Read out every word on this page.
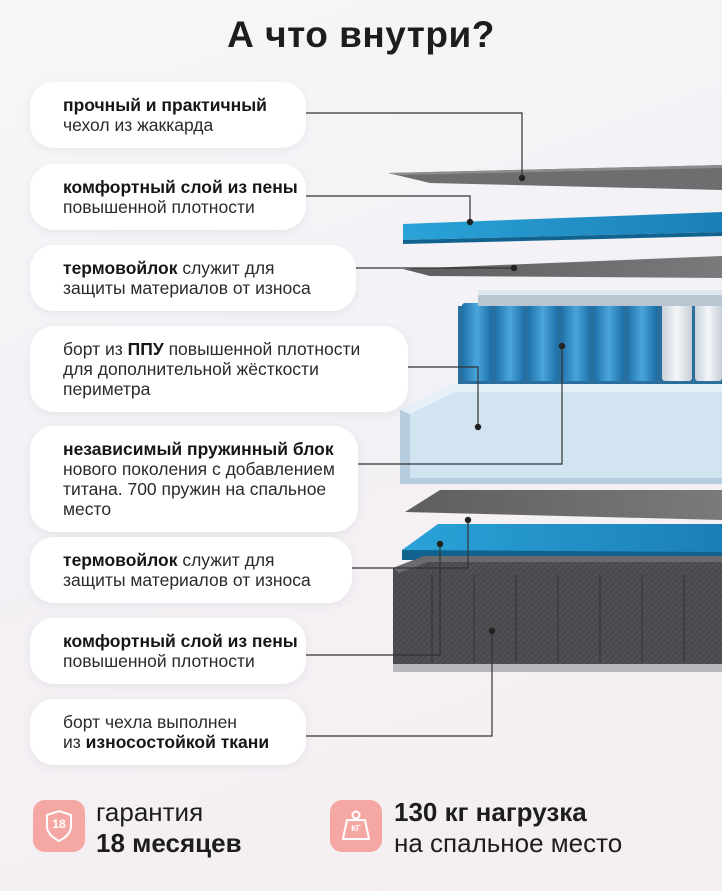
А что внутри?
прочный и практичный
чехол из жаккарда
комфортный слой из пены
повышенной плотности
термовойлок служит для
защиты материалов от износа
борт из ППУ повышенной плотности
для дополнительной жёсткости
периметра
независимый пружинный блок
нового поколения с добавлением
титана. 700 пружин на спальное
место
термовойлок служит для
защиты материалов от износа
комфортный слой из пены
повышенной плотности
борт чехла выполнен
из износостойкой ткани
18	гарантия
18 месяцев	КГ
130 кг нагрузка
на спальное место
